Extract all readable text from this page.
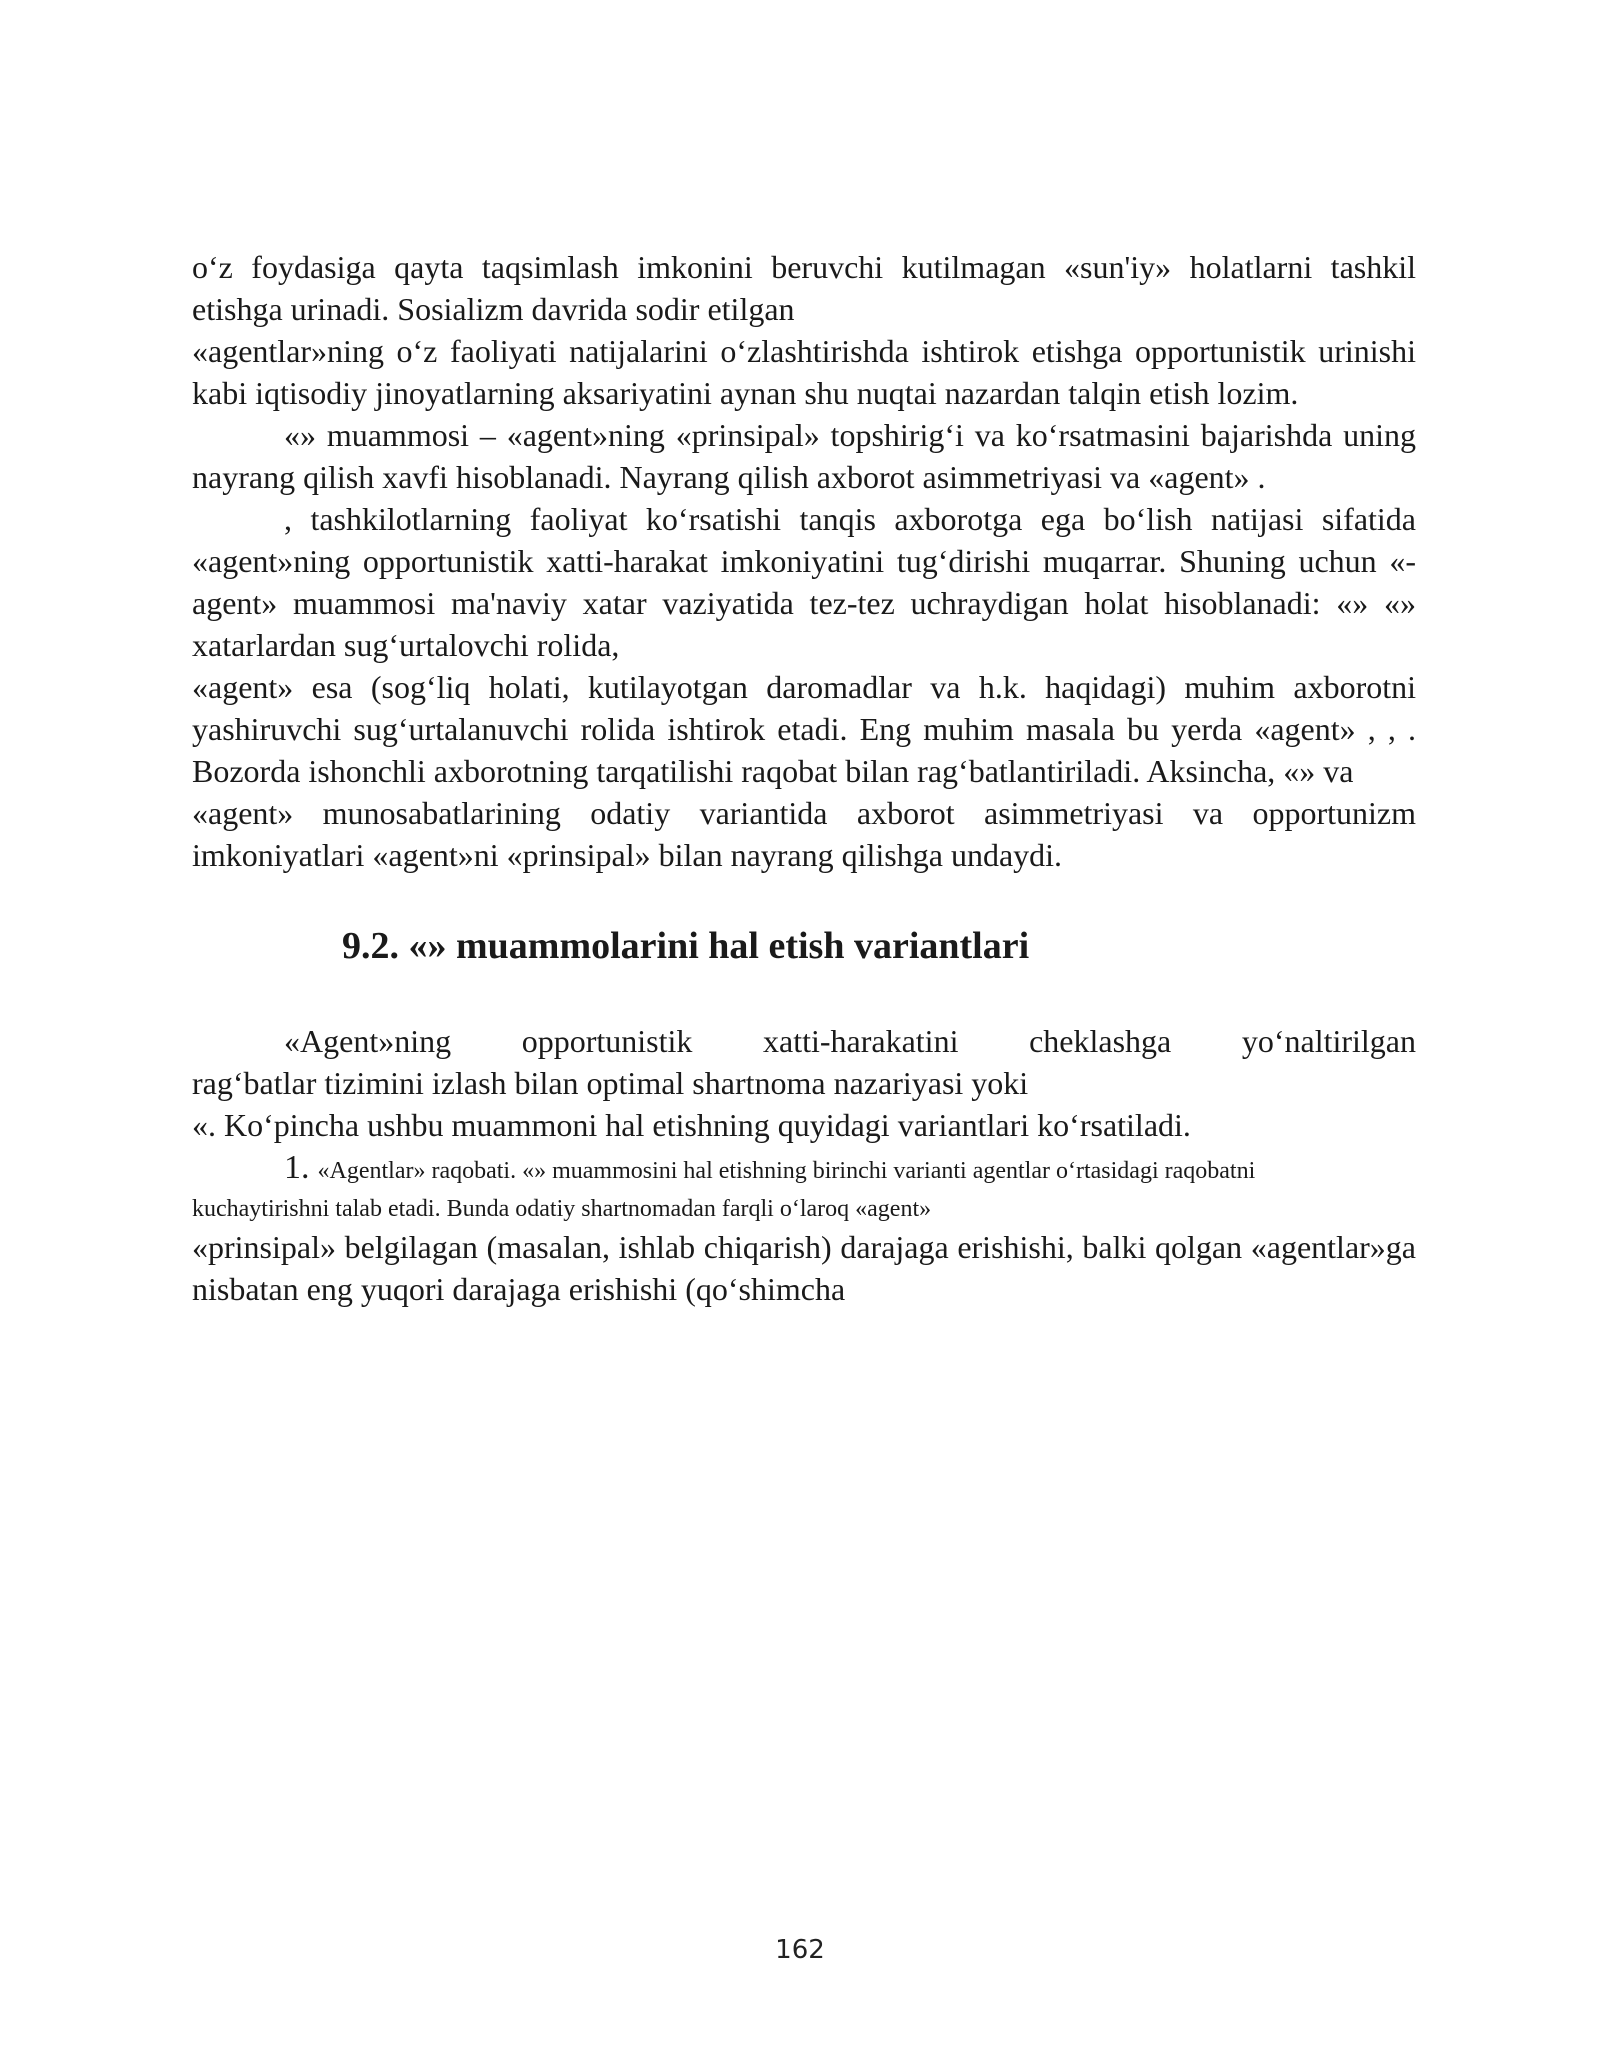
o‘z foydasiga qayta taqsimlash imkonini beruvchi kutilmagan «sun'iy» holatlarni tashkil etishga urinadi. Sosializm davrida sodir etilgan

«agentlar»ning o‘z faoliyati natijalarini o‘zlashtirishda ishtirok etishga opportunistik urinishi kabi iqtisodiy jinoyatlarning aksariyatini aynan shu nuqtai nazardan talqin etish lozim.

«» muammosi – «agent»ning «prinsipal» topshirig‘i va ko‘rsatmasini bajarishda uning nayrang qilish xavfi hisoblanadi. Nayrang qilish axborot asimmetriyasi va «agent» .

, tashkilotlarning faoliyat ko‘rsatishi tanqis axborotga ega bo‘lish natijasi sifatida «agent»ning opportunistik xatti-harakat imkoniyatini tug‘dirishi muqarrar. Shuning uchun «-agent» muammosi ma'naviy xatar vaziyatida tez-tez uchraydigan holat hisoblanadi: «» «» xatarlardan sug‘urtalovchi rolida,

«agent» esa (sog‘liq holati, kutilayotgan daromadlar va h.k. haqidagi) muhim axborotni yashiruvchi sug‘urtalanuvchi rolida ishtirok etadi. Eng muhim masala bu yerda «agent» , , . Bozorda ishonchli axborotning tarqatilishi raqobat bilan rag‘batlantiriladi. Aksincha, «» va

«agent» munosabatlarining odatiy variantida axborot asimmetriyasi va opportunizm imkoniyatlari «agent»ni «prinsipal» bilan nayrang qilishga undaydi.

9.2. «» muammolarini hal etish variantlari

«Agent»ning opportunistik xatti-harakatini cheklashga yo‘naltirilgan

rag‘batlar tizimini izlash bilan optimal shartnoma nazariyasi yoki

«. Ko‘pincha ushbu muammoni hal etishning quyidagi variantlari ko‘rsatiladi.

1. «Agentlar» raqobati. «» muammosini hal etishning birinchi varianti agentlar o‘rtasidagi raqobatni

kuchaytirishni talab etadi. Bunda odatiy shartnomadan farqli o‘laroq «agent»

«prinsipal» belgilagan (masalan, ishlab chiqarish) darajaga erishishi, balki qolgan «agentlar»ga nisbatan eng yuqori darajaga erishishi (qo‘shimcha

162
